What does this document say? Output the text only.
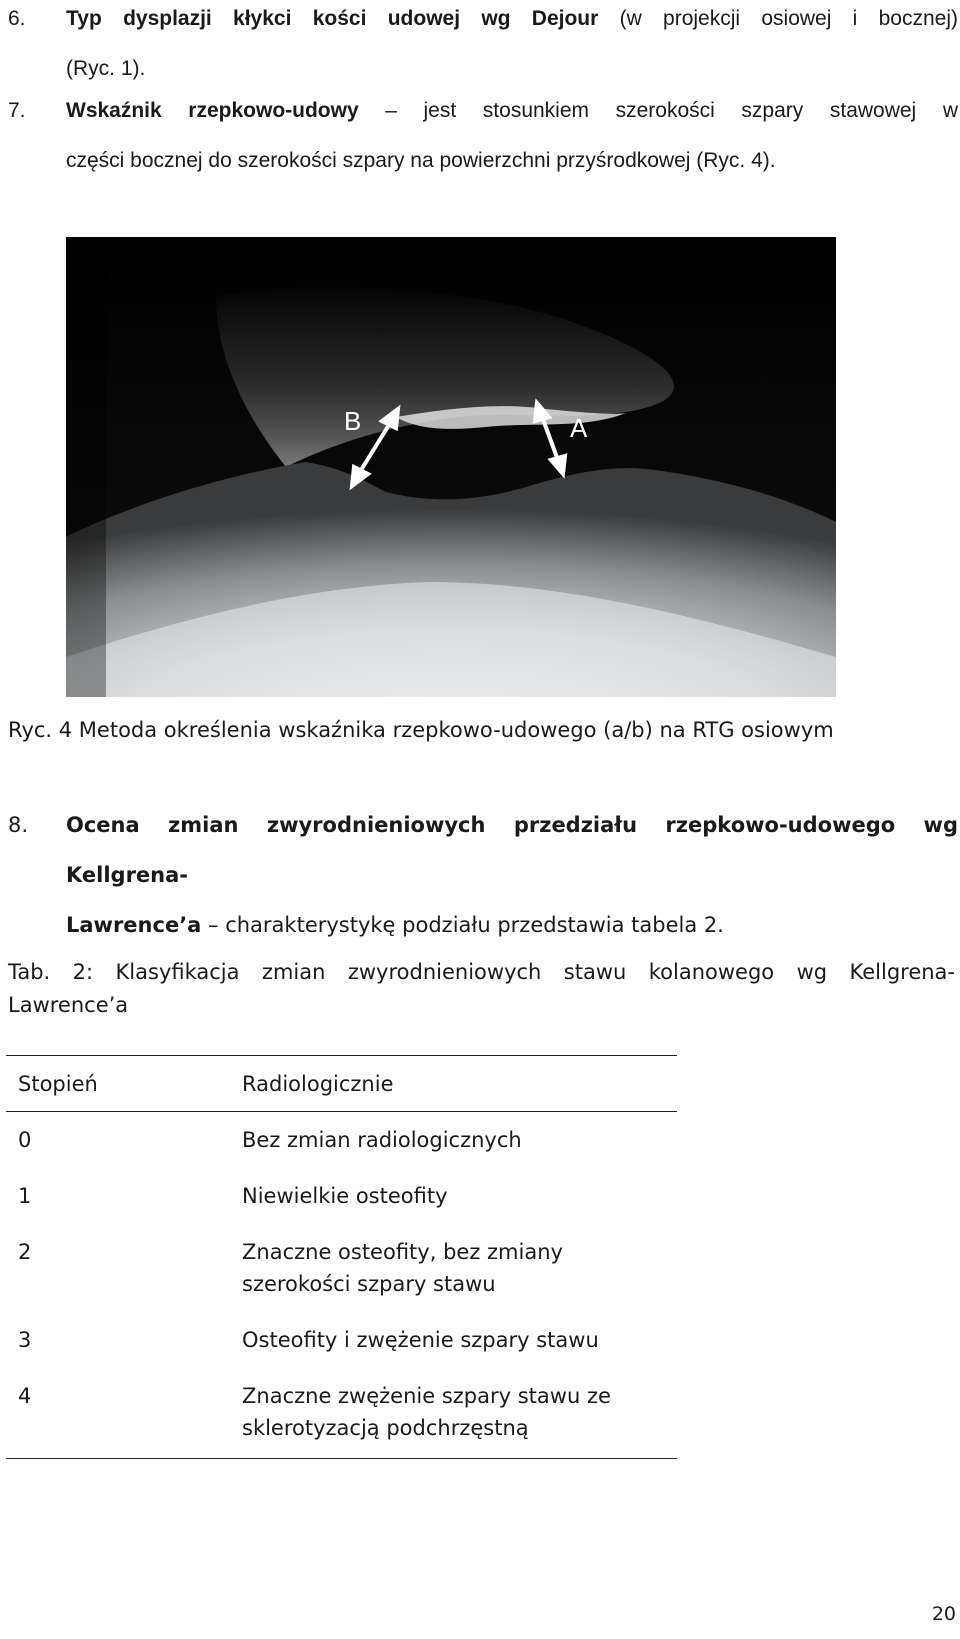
6. Typ dysplazji kłykci kości udowej wg Dejour (w projekcji osiowej i bocznej)
(Ryc. 1).
7. Wskaźnik rzepkowo-udowy – jest stosunkiem szerokości szpary stawowej w
części bocznej do szerokości szpary na powierzchni przyśrodkowej (Ryc. 4).
B	A
Ryc. 4 Metoda określenia wskaźnika rzepkowo-udowego (a/b) na RTG osiowym
8. Ocena zmian zwyrodnieniowych przedziału rzepkowo-udowego wg Kellgrena-
Lawrence’a – charakterystykę podziału przedstawia tabela 2.
Tab. 2: Klasyfikacja zmian zwyrodnieniowych stawu kolanowego wg Kellgrena-
Lawrence’a
Stopień	Radiologicznie
0	Bez zmian radiologicznych
1	Niewielkie osteofity
2	Znaczne osteofity, bez zmiany
szerokości szpary stawu
3	Osteofity i zwężenie szpary stawu
4	Znaczne zwężenie szpary stawu ze
sklerotyzacją podchrzęstną
20
